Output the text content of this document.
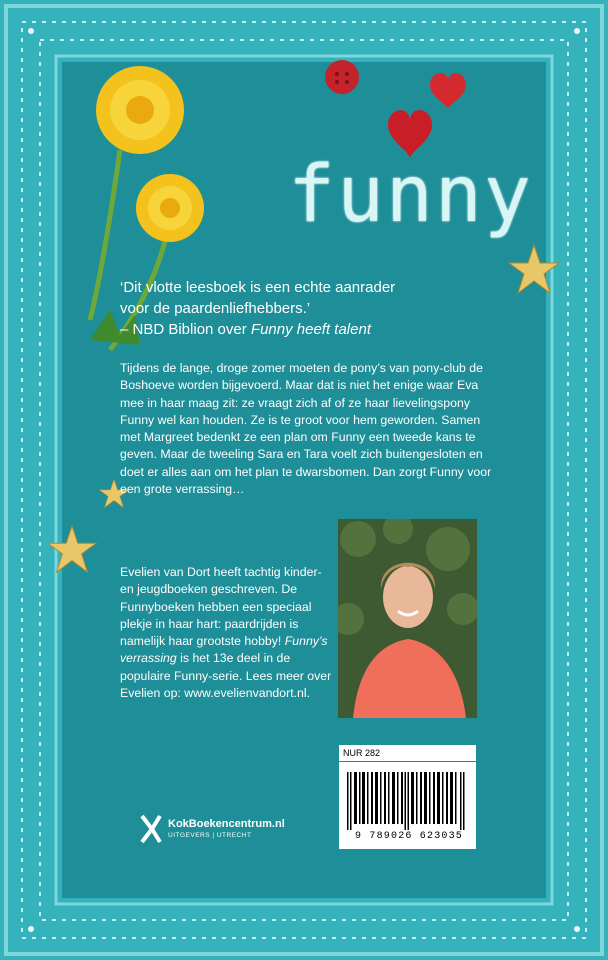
funny
‘Dit vlotte leesboek is een echte aanrader
voor de paardenliefhebbers.’
– NBD Biblion over Funny heeft talent
Tijdens de lange, droge zomer moeten de pony’s van pony-club de Boshoeve worden bijgevoerd. Maar dat is niet het enige waar Eva mee in haar maag zit: ze vraagt zich af of ze haar lievelingspony Funny wel kan houden. Ze is te groot voor hem geworden. Samen met Margreet bedenkt ze een plan om Funny een tweede kans te geven. Maar de tweeling Sara en Tara voelt zich buitengesloten en doet er alles aan om het plan te dwarsbomen. Dan zorgt Funny voor een grote verrassing…
Evelien van Dort heeft tachtig kinder- en jeugdboeken geschreven. De Funnyboeken hebben een speciaal plekje in haar hart: paardrijden is namelijk haar grootste hobby! Funny’s verrassing is het 13e deel in de populaire Funny-serie. Lees meer over Evelien op: www.evelienvandort.nl.
KokBoekencentrum.nl
UITGEVERS | UTRECHT
NUR 282
9 789026 623035
